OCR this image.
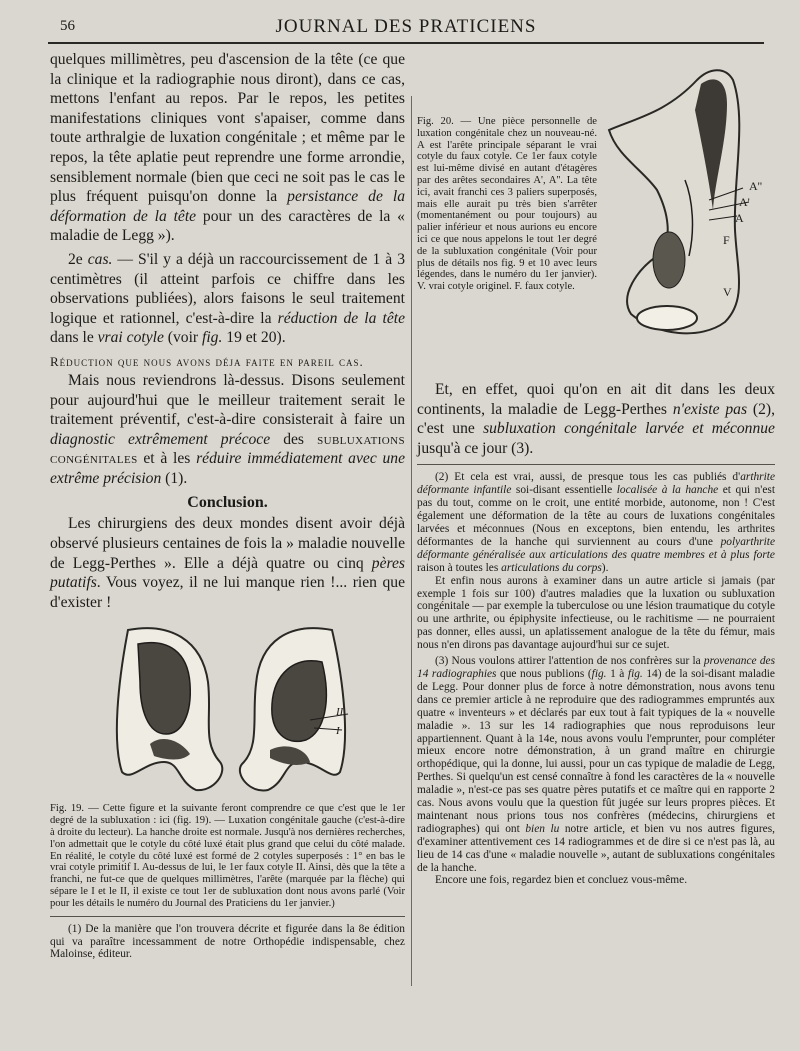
56	JOURNAL DES PRATICIENS

quelques millimètres, peu d'ascension de la tête (ce que la clinique et la radiographie nous diront), dans ce cas, mettons l'enfant au repos. Par le repos, les petites manifestations cliniques vont s'apaiser, comme dans toute arthralgie de luxation congénitale ; et même par le repos, la tête aplatie peut reprendre une forme arrondie, sensiblement normale (bien que ceci ne soit pas le cas le plus fréquent puisqu'on donne la persistance de la déformation de la tête pour un des caractères de la « maladie de Legg »).

2e cas. — S'il y a déjà un raccourcissement de 1 à 3 centimètres (il atteint parfois ce chiffre dans les observations publiées), alors faisons le seul traitement logique et rationnel, c'est-à-dire la réduction de la tête dans le vrai cotyle (voir fig. 19 et 20).

Réduction que nous avons déja faite en pareil cas.

Mais nous reviendrons là-dessus. Disons seulement pour aujourd'hui que le meilleur traitement serait le traitement préventif, c'est-à-dire consisterait à faire un diagnostic extrêmement précoce des subluxations congénitales et à les réduire immédiatement avec une extrême précision (1).

Conclusion.

Les chirurgiens des deux mondes disent avoir déjà observé plusieurs centaines de fois la » maladie nouvelle de Legg-Perthes ». Elle a déjà quatre ou cinq pères putatifs. Vous voyez, il ne lui manque rien !... rien que d'exister !

II
I

Fig. 19. — Cette figure et la suivante feront comprendre ce que c'est que le 1er degré de la subluxation : ici (fig. 19). — Luxation congénitale gauche (c'est-à-dire à droite du lecteur). La hanche droite est normale. Jusqu'à nos dernières recherches, l'on admettait que le cotyle du côté luxé était plus grand que celui du côté malade. En réalité, le cotyle du côté luxé est formé de 2 cotyles superposés : 1° en bas le vrai cotyle primitif I. Au-dessus de lui, le 1er faux cotyle II. Ainsi, dès que la tête a franchi, ne fut-ce que de quelques millimètres, l'arête (marquée par la flèche) qui sépare le I et le II, il existe ce tout 1er de subluxation dont nous avons parlé (Voir pour les détails le numéro du Journal des Praticiens du 1er janvier.)

(1) De la manière que l'on trouvera décrite et figurée dans la 8e édition qui va paraître incessamment de notre Orthopédie indispensable, chez Maloinse, éditeur.

Fig. 20. — Une pièce personnelle de luxation congénitale chez un nouveau-né. A est l'arête principale séparant le vrai cotyle du faux cotyle. Ce 1er faux cotyle est lui-même divisé en autant d'étagères par des arêtes secondaires A', A''. La tête ici, avait franchi ces 3 paliers superposés, mais elle aurait pu très bien s'arrêter (momentanément ou pour toujours) au palier inférieur et nous aurions eu encore ici ce que nous appelons le tout 1er degré de la subluxation congénitale (Voir pour plus de détails nos fig. 9 et 10 avec leurs légendes, dans le numéro du 1er janvier). V. vrai cotyle originel. F. faux cotyle.

A''
A'
A
F
V

Et, en effet, quoi qu'on en ait dit dans les deux continents, la maladie de Legg-Perthes n'existe pas (2), c'est une subluxation congénitale larvée et méconnue jusqu'à ce jour (3).

(2) Et cela est vrai, aussi, de presque tous les cas publiés d'arthrite déformante infantile soi-disant essentielle localisée à la hanche et qui n'est pas du tout, comme on le croit, une entité morbide, autonome, non ! C'est également une déformation de la tête au cours de luxations congénitales larvées et méconnues (Nous en exceptons, bien entendu, les arthrites déformantes de la hanche qui surviennent au cours d'une polyarthrite déformante généralisée aux articulations des quatre membres et à plus forte raison à toutes les articulations du corps).

Et enfin nous aurons à examiner dans un autre article si jamais (par exemple 1 fois sur 100) d'autres maladies que la luxation ou subluxation congénitale — par exemple la tuberculose ou une lésion traumatique du cotyle ou une arthrite, ou épiphysite infectieuse, ou le rachitisme — ne pourraient pas donner, elles aussi, un aplatissement analogue de la tête du fémur, mais nous n'en dirons pas davantage aujourd'hui sur ce sujet.

(3) Nous voulons attirer l'attention de nos confrères sur la provenance des 14 radiographies que nous publions (fig. 1 à fig. 14) de la soi-disant maladie de Legg. Pour donner plus de force à notre démonstration, nous avons tenu dans ce premier article à ne reproduire que des radiogrammes empruntés aux quatre « inventeurs » et déclarés par eux tout à fait typiques de la « nouvelle maladie ». 13 sur les 14 radiographies que nous reproduisons leur appartiennent. Quant à la 14e, nous avons voulu l'emprunter, pour compléter mieux encore notre démonstration, à un grand maître en chirurgie orthopédique, qui la donne, lui aussi, pour un cas typique de maladie de Legg, Perthes. Si quelqu'un est censé connaître à fond les caractères de la « nouvelle maladie », n'est-ce pas ses quatre pères putatifs et ce maître qui en rapporte 2 cas. Nous avons voulu que la question fût jugée sur leurs propres pièces. Et maintenant nous prions tous nos confrères (médecins, chirurgiens et radiographes) qui ont bien lu notre article, et bien vu nos autres figures, d'examiner attentivement ces 14 radiogrammes et de dire si ce n'est pas là, au lieu de 14 cas d'une « maladie nouvelle », autant de subluxations congénitales de la hanche.

Encore une fois, regardez bien et concluez vous-même.
